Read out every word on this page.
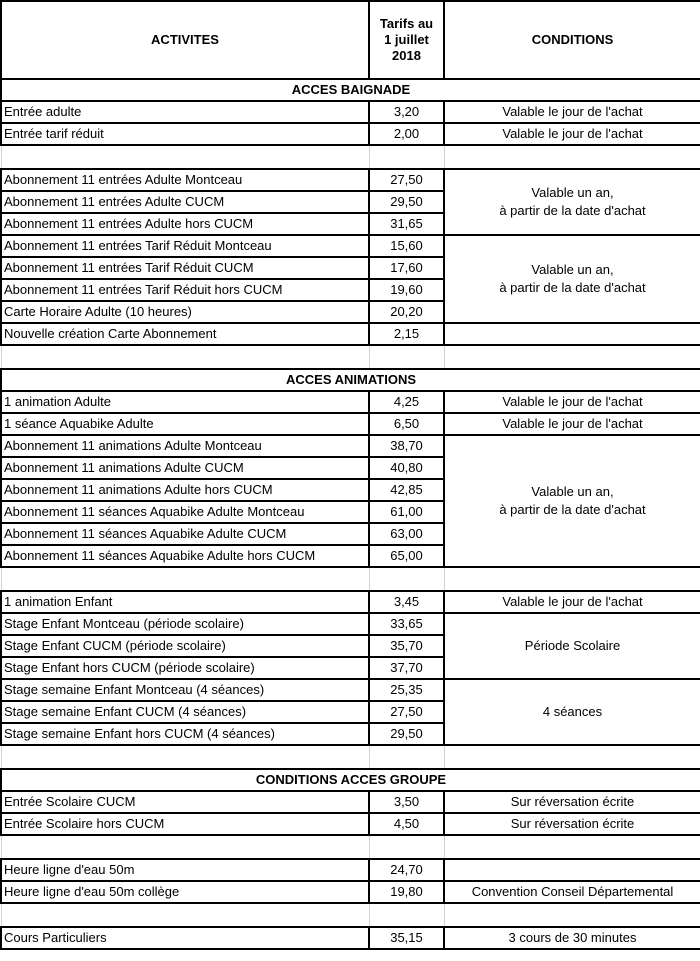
ACTIVITES	Tarifs au
1 juillet
2018	CONDITIONS
ACCES BAIGNADE		
Entrée adulte	3,20	Valable le jour de l'achat
Entrée tarif réduit	2,00	Valable le jour de l'achat

Abonnement 11 entrées Adulte Montceau	27,50	Valable un an,
à partir de la date d'achat

Abonnement 11 entrées Adulte CUCM	29,50	
Abonnement 11 entrées Adulte hors CUCM	31,65	
Abonnement 11 entrées Tarif Réduit Montceau	15,60	Valable un an,
à partir de la date d'achat

Abonnement 11 entrées Tarif Réduit CUCM	17,60	
Abonnement 11 entrées Tarif Réduit hors CUCM	19,60	
Carte Horaire Adulte (10 heures)	20,20	
Nouvelle création Carte Abonnement	2,15	

ACCES ANIMATIONS		
1 animation Adulte	4,25	Valable le jour de l'achat
1 séance Aquabike Adulte	6,50	Valable le jour de l'achat
Abonnement 11 animations Adulte Montceau	38,70	Valable un an,
à partir de la date d'achat

Abonnement 11 animations Adulte CUCM	40,80	
Abonnement 11 animations Adulte hors CUCM	42,85	
Abonnement 11 séances Aquabike Adulte Montceau	61,00	
Abonnement 11 séances Aquabike Adulte CUCM	63,00	
Abonnement 11 séances Aquabike Adulte hors CUCM	65,00	

1 animation Enfant	3,45	Valable le jour de l'achat
Stage Enfant Montceau (période scolaire)	33,65	Période Scolaire
Stage Enfant CUCM (période scolaire)	35,70	
Stage Enfant hors CUCM (période scolaire)	37,70	
Stage semaine Enfant Montceau (4 séances)	25,35	4 séances
Stage semaine Enfant CUCM (4 séances)	27,50	
Stage semaine Enfant hors CUCM (4 séances)	29,50	

CONDITIONS ACCES GROUPE		
Entrée Scolaire CUCM	3,50	Sur réversation écrite
Entrée Scolaire hors CUCM	4,50	Sur réversation écrite

Heure ligne d'eau 50m	24,70	
Heure ligne d'eau 50m collège	19,80	Convention Conseil Départemental

Cours Particuliers	35,15	3 cours de 30 minutes
